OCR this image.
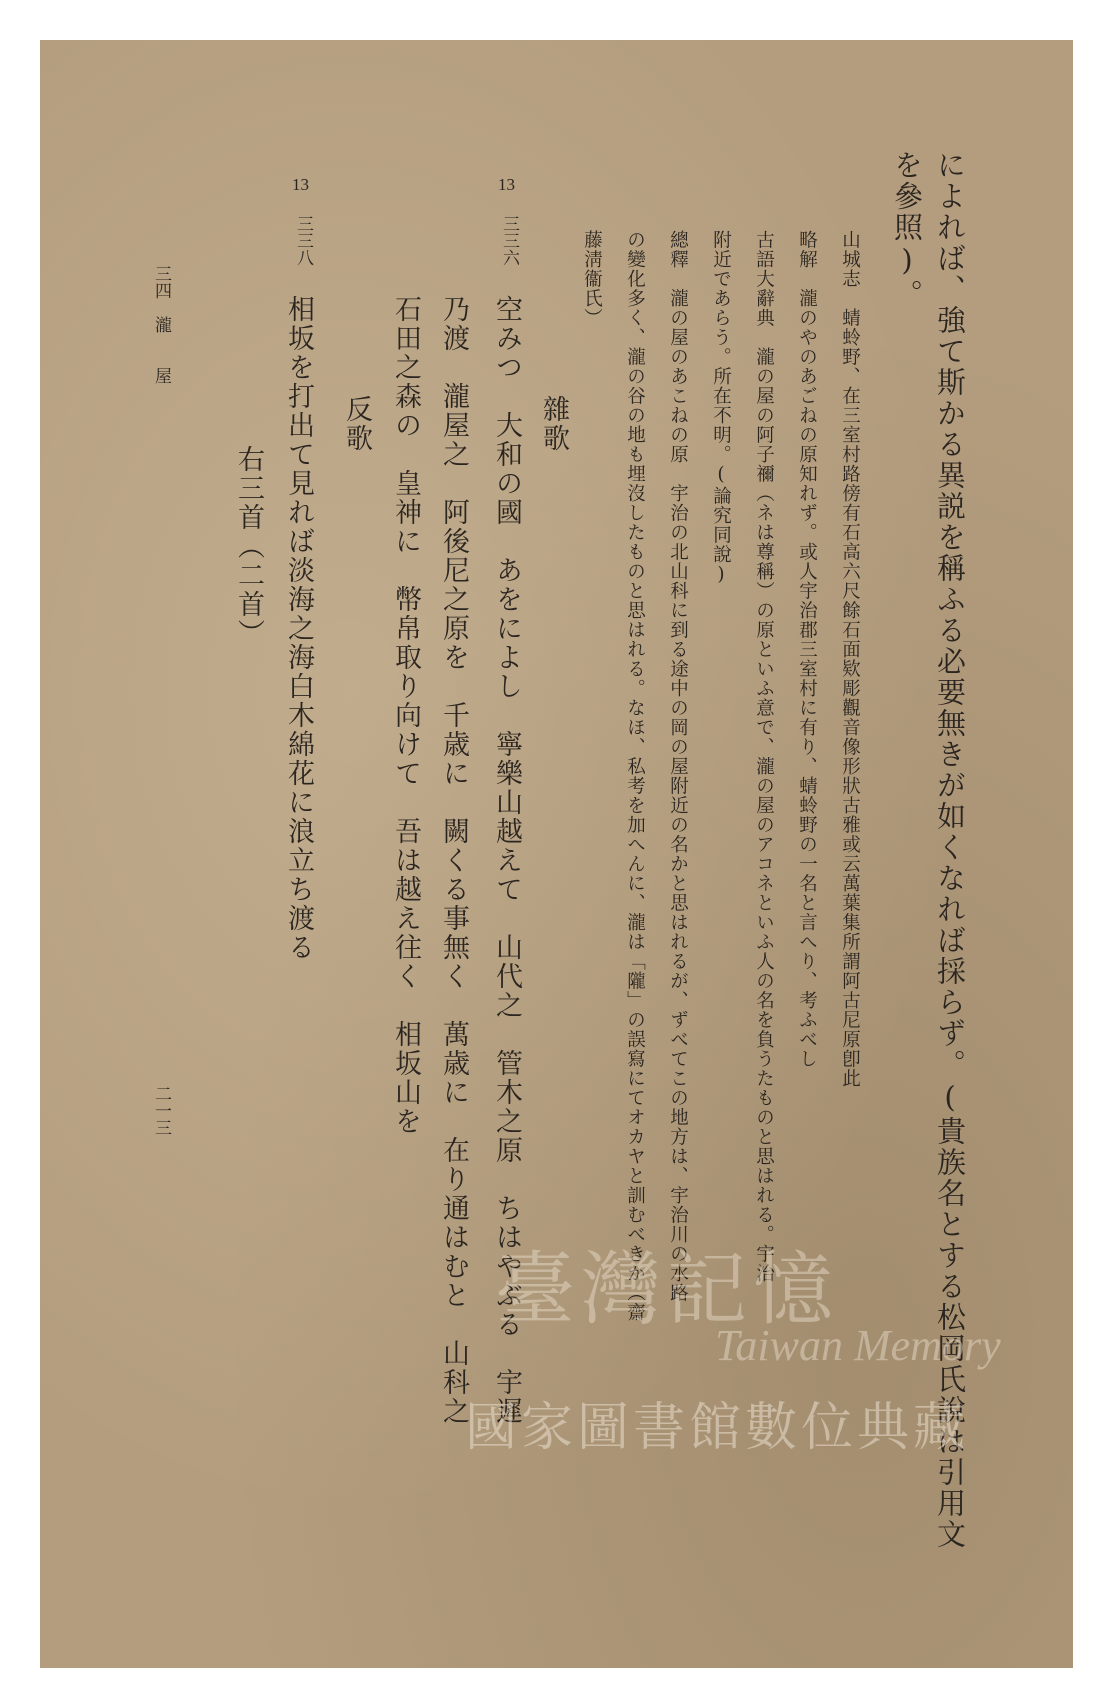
によれば、強て斯かる異説を稱ふる必要無きが如くなれば採らず。(貴族名とする松岡氏說は引用文
を參照)。
山城志　蜻蛉野、在三室村路傍有石高六尺餘石面欵彫觀音像形狀古雅或云萬葉集所謂阿古尼原卽此
略解　瀧のやのあごねの原知れず。或人宇治郡三室村に有り、蜻蛉野の一名と言へり、考ふべし
古語大辭典　瀧の屋の阿子禰（ネは尊稱）の原といふ意で、瀧の屋のアコネといふ人の名を負うたものと思はれる。宇治
附近であらう。所在不明。(論究同說)
總釋　瀧の屋のあこねの原　宇治の北山科に到る途中の岡の屋附近の名かと思はれるが、ずべてこの地方は、宇治川の水路
の變化多く、瀧の谷の地も埋沒したものと思はれる。なほ、私考を加へんに、瀧は「隴」の誤寫にてオカヤと訓むべきか（齋
藤淸衞氏）
雜歌
13
三三六
空みつ　大和の國　あをによし　寧樂山越えて　山代之　管木之原　ちはやぶる　宇遲
乃渡　瀧屋之　阿後尼之原を　千歳に　闕くる事無く　萬歳に　在り通はむと　山科之
石田之森の　皇神に　幣帛取り向けて　吾は越え往く　相坂山を
反歌
13
三三八
相坂を打出て見れば淡海之海白木綿花に浪立ち渡る
右三首（二首）
三四　瀧　　屋
二一三
臺灣記憶
Taiwan Memory
國家圖書館數位典藏
